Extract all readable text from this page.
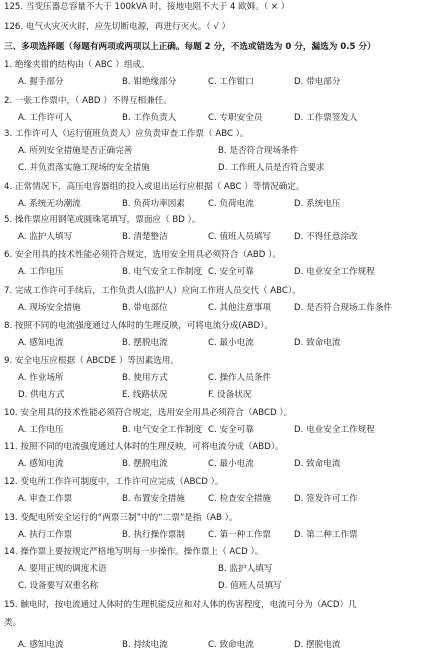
125. 当变压器总容量不大于 100kVA 时，接地电阻不大于 4 欧姆。（ × ）
126. 电气火灾灭火时，应先切断电源，再进行灭火。（ √ ）
三、多项选择题（每题有两项或两项以上正确。每题 2 分，不选或错选为 0 分，漏选为 0.5 分）
1. 绝缘夹钳的结构由（ ABC ）组成。
A. 握手部分	B. 钳绝缘部分	C. 工作钳口	D. 带电部分
2. 一张工作票中，（ ABD ）不得互相兼任。
A. 工作许可人	B. 工作负责人	C. 专职安全员	D. 工作票签发人
3. 工作许可人（运行值班负责人）应负责审查工作票（ ABC ）。
A. 所列安全措施是否正确完善	B. 是否符合现场条件
C. 并负责落实施工现场的安全措施	D. 工作班人员是否符合要求
4. 正常情况下，高压电容器组的投入或退出运行应根据（ ABC ）等情况确定。
A. 系统无功潮流	B. 负荷功率因素	C. 负荷电流	D. 系统电压
5. 操作票应用钢笔或圆珠笔填写，票面应（ BD ）。
A. 监护人填写	B. 清楚整洁	C. 值班人员填写	D. 不得任意涂改
6. 安全用具的技术性能必须符合规定，选用安全用具必须符合（ABD ）。
A. 工作电压	B. 电气安全工作制度 C. 安全可靠	D. 电业安全工作规程
7. 完成工作许可手续后，工作负责人(监护人）应向工作班人员交代（ ABC）。
A. 现场安全措施	B. 带电部位	C. 其他注意事项	D. 是否符合现场工作条件
8. 按照不同的电流强度通过人体时的生理反映，可将电流分成(ABD）。
A. 感知电流	B. 摆脱电流	C. 最小电流	D. 致命电流
9. 安全电压应根据（ ABCDE ）等因素选用。
A. 作业场所	B. 使用方式	C. 操作人员条件
D. 供电方式	E. 线路状况	F. 设备状况
10. 安全用具的技术性能必须符合规定，选用安全用具必须符合（ABCD ）。
A. 工作电压	B. 电气安全工作制度 C. 安全可靠	D. 电业安全工作规程
11. 按照不同的电流强度通过人体时的生理反映，可将电流分成（ABD）。
A. 感知电流	B. 摆脱电流	C. 最小电流	D. 致命电流
12. 变电所工作许可制度中，工作许可应完成（ABCD ）。
A. 审查工作票	B. 布置安全措施	C. 检查安全措施	D. 签发许可工作
13. 变配电所安全运行的“两票三制”中的“二票”是指（AB ）。
A. 执行工作票	B. 执行操作票制	C. 第一种工作票	D. 第二种工作票
14. 操作票上要按规定严格地写明每一步操作。操作票上（ ACD ）。
A. 要用正规的调度术语	B. 监护人填写
C. 设备要写双重名称	D. 值班人员填写
15. 触电时，按电流通过人体时的生理机能反应和对人体的伤害程度，电流可分为（ACD）几
类。
A. 感知电流	B. 持续电流	C. 致命电流	D. 摆脱电流
